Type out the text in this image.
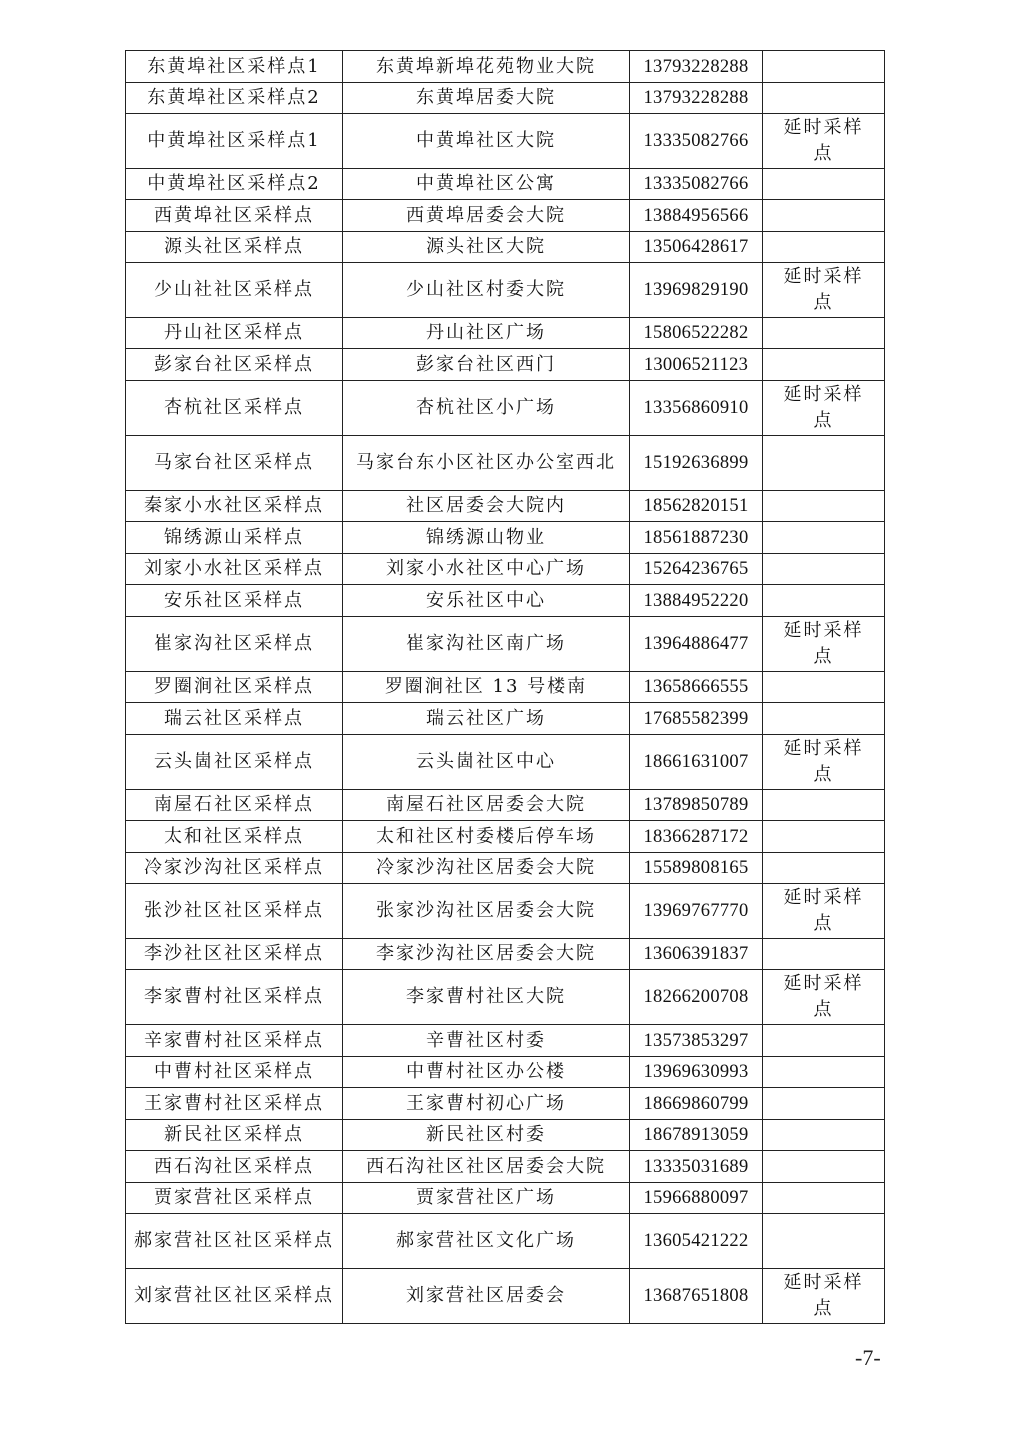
东黄埠社区采样点1	东黄埠新埠花苑物业大院	13793228288	
东黄埠社区采样点2	东黄埠居委大院	13793228288	
中黄埠社区采样点1	中黄埠社区大院	13335082766	延时采样点
中黄埠社区采样点2	中黄埠社区公寓	13335082766	
西黄埠社区采样点	西黄埠居委会大院	13884956566	
源头社区采样点	源头社区大院	13506428617	
少山社社区采样点	少山社区村委大院	13969829190	延时采样点
丹山社区采样点	丹山社区广场	15806522282	
彭家台社区采样点	彭家台社区西门	13006521123	
杏杭社区采样点	杏杭社区小广场	13356860910	延时采样点
马家台社区采样点	马家台东小区社区办公室西北	15192636899	
秦家小水社区采样点	社区居委会大院内	18562820151	
锦绣源山采样点	锦绣源山物业	18561887230	
刘家小水社区采样点	刘家小水社区中心广场	15264236765	
安乐社区采样点	安乐社区中心	13884952220	
崔家沟社区采样点	崔家沟社区南广场	13964886477	延时采样点
罗圈涧社区采样点	罗圈涧社区 13 号楼南	13658666555	
瑞云社区采样点	瑞云社区广场	17685582399	
云头崮社区采样点	云头崮社区中心	18661631007	延时采样点
南屋石社区采样点	南屋石社区居委会大院	13789850789	
太和社区采样点	太和社区村委楼后停车场	18366287172	
冷家沙沟社区采样点	冷家沙沟社区居委会大院	15589808165	
张沙社区社区采样点	张家沙沟社区居委会大院	13969767770	延时采样点
李沙社区社区采样点	李家沙沟社区居委会大院	13606391837	
李家曹村社区采样点	李家曹村社区大院	18266200708	延时采样点
辛家曹村社区采样点	辛曹社区村委	13573853297	
中曹村社区采样点	中曹村社区办公楼	13969630993	
王家曹村社区采样点	王家曹村初心广场	18669860799	
新民社区采样点	新民社区村委	18678913059	
西石沟社区采样点	西石沟社区社区居委会大院	13335031689	
贾家营社区采样点	贾家营社区广场	15966880097	
郝家营社区社区采样点	郝家营社区文化广场	13605421222	
刘家营社区社区采样点	刘家营社区居委会	13687651808	延时采样点
-7-
